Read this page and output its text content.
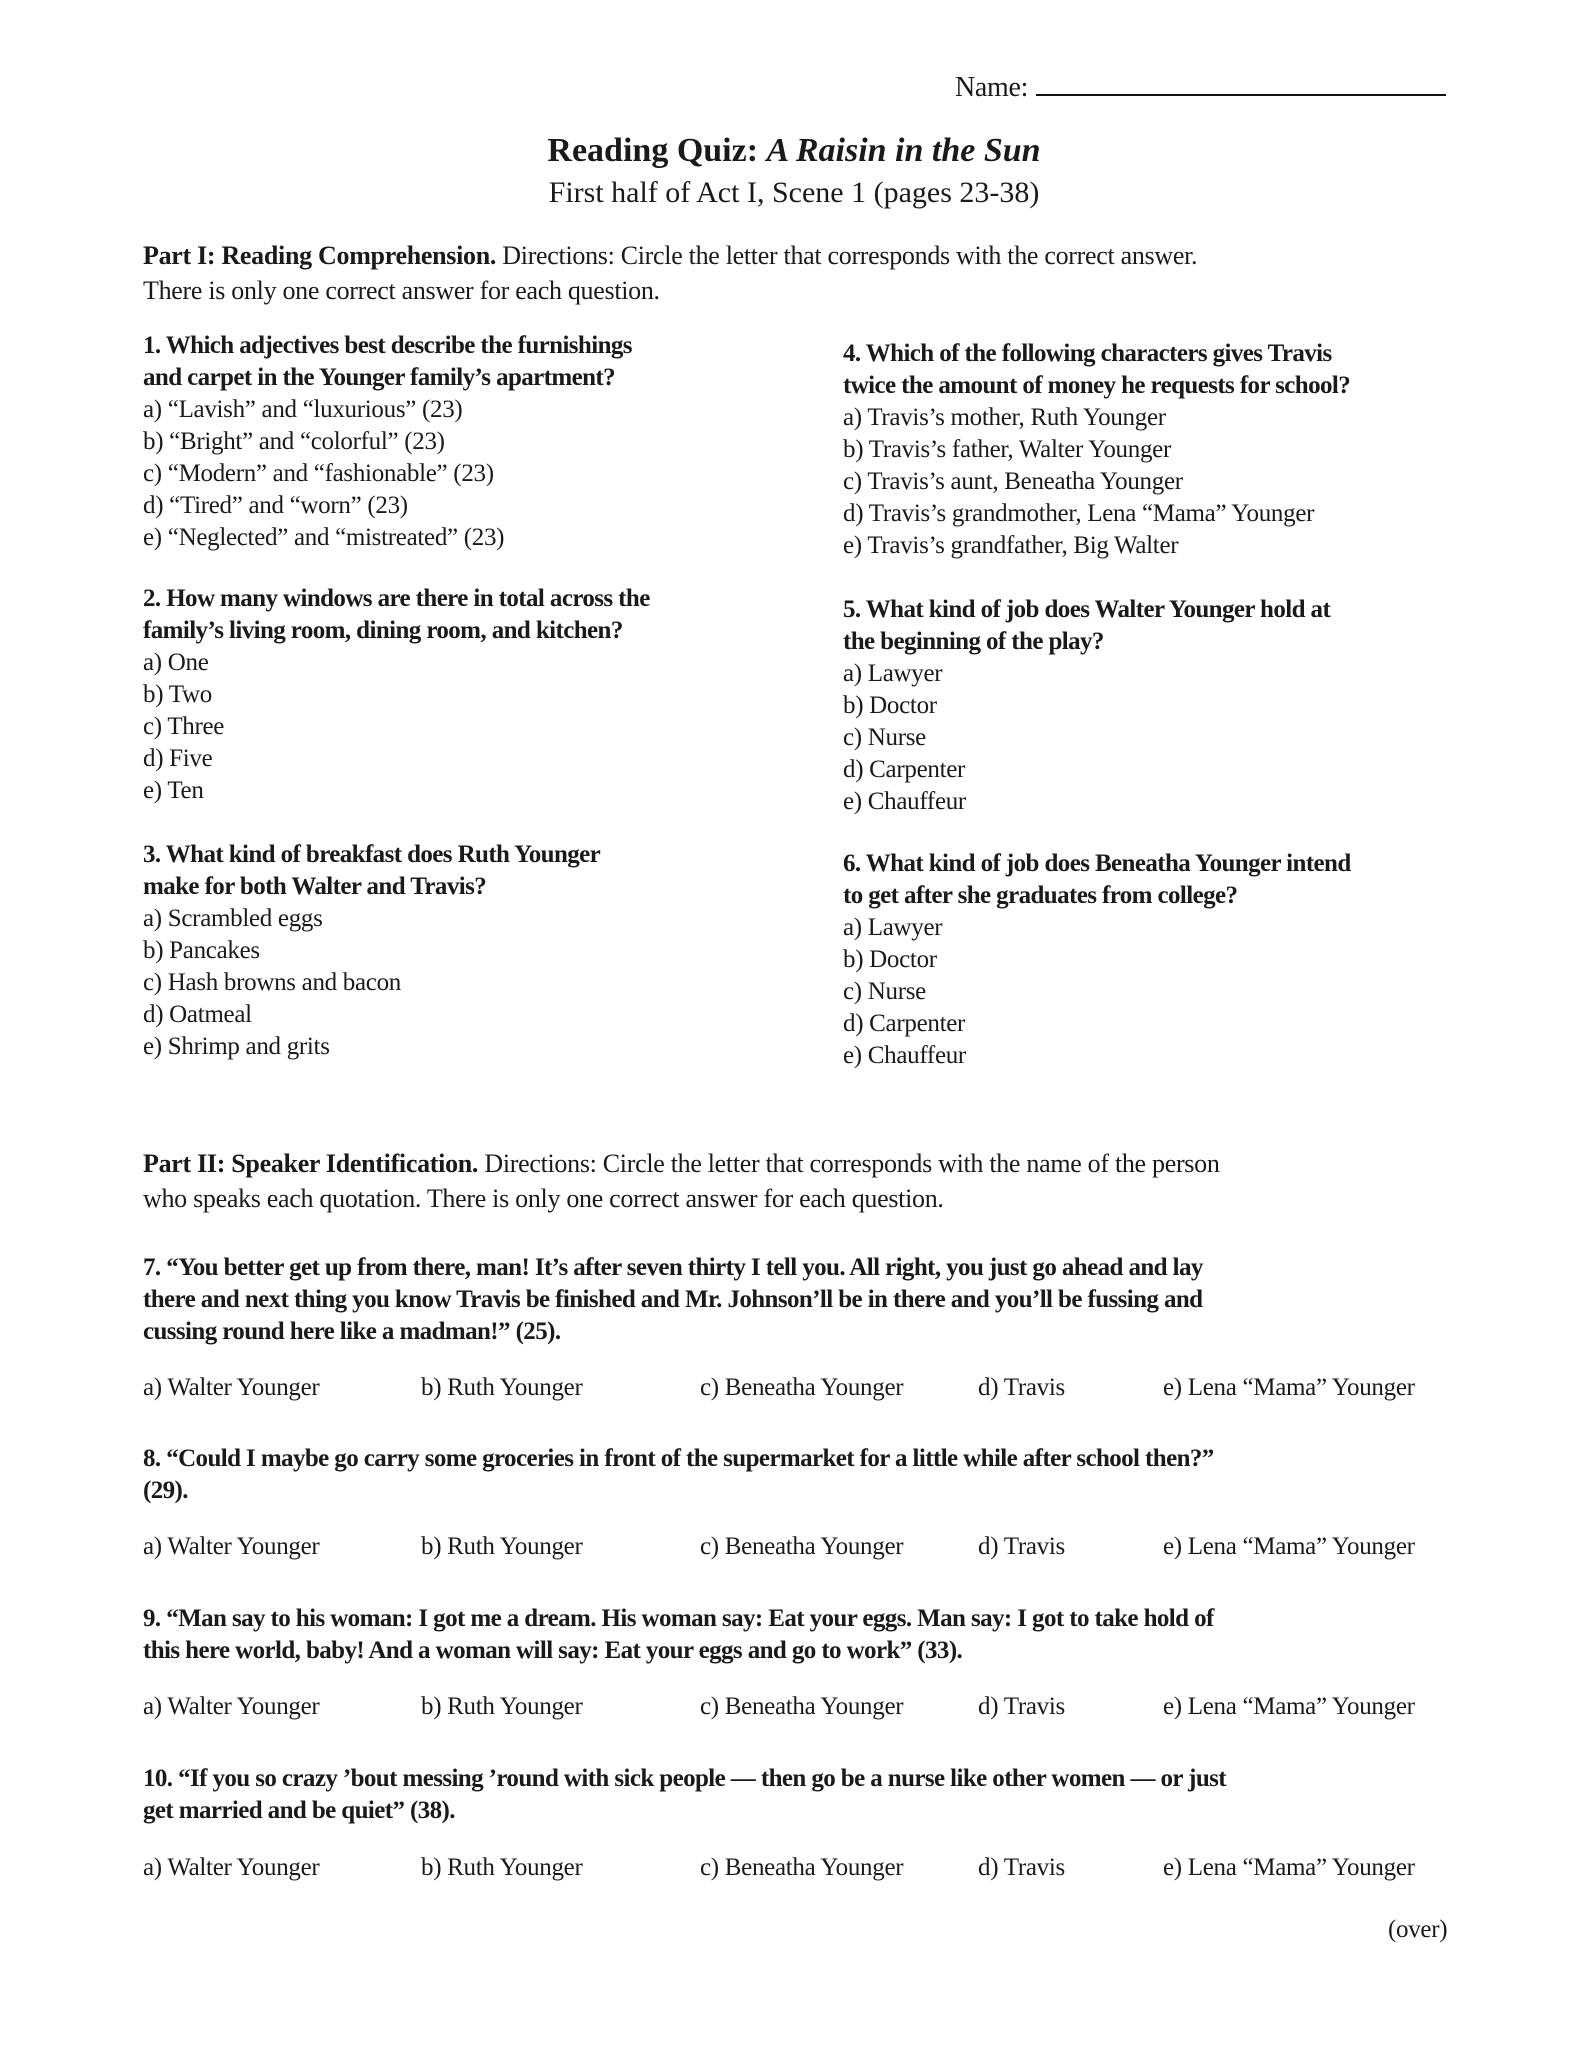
Name:
Reading Quiz: A Raisin in the Sun
First half of Act I, Scene 1 (pages 23-38)
Part I: Reading Comprehension. Directions: Circle the letter that corresponds with the correct answer.
There is only one correct answer for each question.
1. Which adjectives best describe the furnishings
and carpet in the Younger family’s apartment?
a) “Lavish” and “luxurious” (23)
b) “Bright” and “colorful” (23)
c) “Modern” and “fashionable” (23)
d) “Tired” and “worn” (23)
e) “Neglected” and “mistreated” (23)
2. How many windows are there in total across the
family’s living room, dining room, and kitchen?
a) One
b) Two
c) Three
d) Five
e) Ten
3. What kind of breakfast does Ruth Younger
make for both Walter and Travis?
a) Scrambled eggs
b) Pancakes
c) Hash browns and bacon
d) Oatmeal
e) Shrimp and grits
4. Which of the following characters gives Travis
twice the amount of money he requests for school?
a) Travis’s mother, Ruth Younger
b) Travis’s father, Walter Younger
c) Travis’s aunt, Beneatha Younger
d) Travis’s grandmother, Lena “Mama” Younger
e) Travis’s grandfather, Big Walter
5. What kind of job does Walter Younger hold at
the beginning of the play?
a) Lawyer
b) Doctor
c) Nurse
d) Carpenter
e) Chauffeur
6. What kind of job does Beneatha Younger intend
to get after she graduates from college?
a) Lawyer
b) Doctor
c) Nurse
d) Carpenter
e) Chauffeur
Part II: Speaker Identification. Directions: Circle the letter that corresponds with the name of the person
who speaks each quotation. There is only one correct answer for each question.
7. “You better get up from there, man! It’s after seven thirty I tell you. All right, you just go ahead and lay
there and next thing you know Travis be finished and Mr. Johnson’ll be in there and you’ll be fussing and
cussing round here like a madman!” (25).
a) Walter Younger	b) Ruth Younger	c) Beneatha Younger	d) Travis	e) Lena “Mama” Younger
8. “Could I maybe go carry some groceries in front of the supermarket for a little while after school then?”
(29).
a) Walter Younger	b) Ruth Younger	c) Beneatha Younger	d) Travis	e) Lena “Mama” Younger
9. “Man say to his woman: I got me a dream. His woman say: Eat your eggs. Man say: I got to take hold of
this here world, baby! And a woman will say: Eat your eggs and go to work” (33).
a) Walter Younger	b) Ruth Younger	c) Beneatha Younger	d) Travis	e) Lena “Mama” Younger
10. “If you so crazy ’bout messing ’round with sick people — then go be a nurse like other women — or just
get married and be quiet” (38).
a) Walter Younger	b) Ruth Younger	c) Beneatha Younger	d) Travis	e) Lena “Mama” Younger
(over)
